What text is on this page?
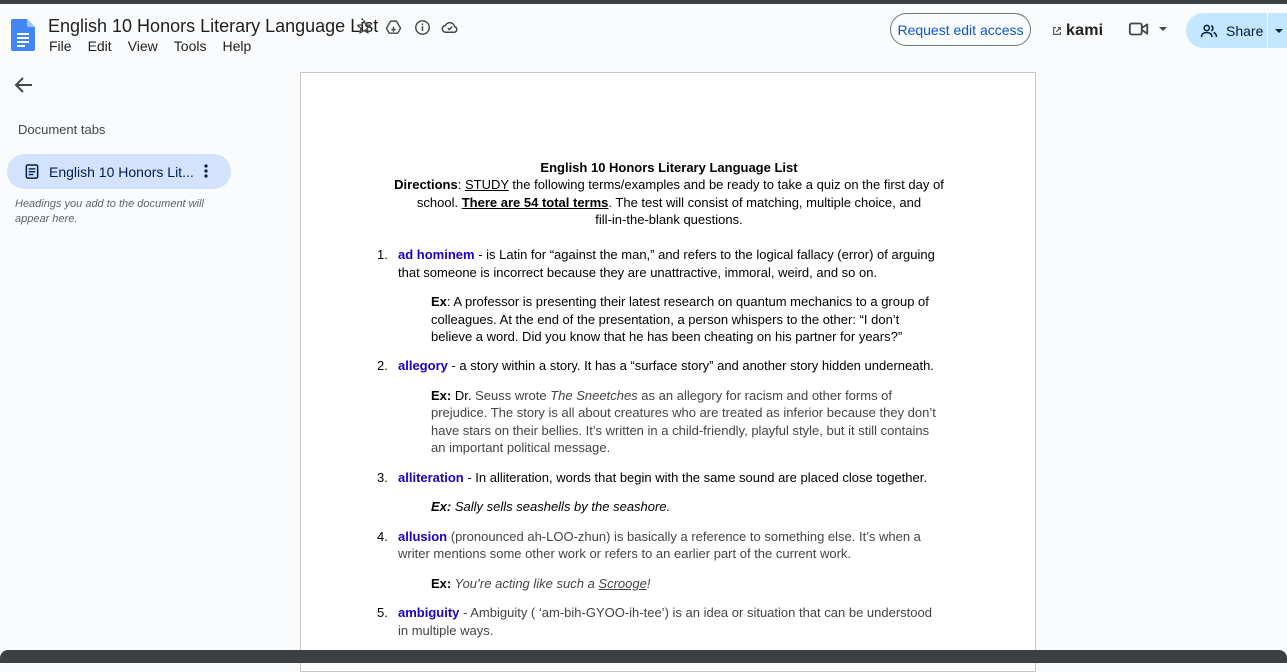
English 10 Honors Literary Language List
File Edit View Tools Help
Request edit access	kami	Share
Document tabs
English 10 Honors Lit...
Headings you add to the document will appear here.
English 10 Honors Literary Language List
Directions: STUDY the following terms/examples and be ready to take a quiz on the first day of
school. There are 54 total terms. The test will consist of matching, multiple choice, and
fill-in-the-blank questions.
1. ad hominem - is Latin for “against the man,” and refers to the logical fallacy (error) of arguing
that someone is incorrect because they are unattractive, immoral, weird, and so on.
Ex: A professor is presenting their latest research on quantum mechanics to a group of
colleagues. At the end of the presentation, a person whispers to the other: “I don’t
believe a word. Did you know that he has been cheating on his partner for years?”
2. allegory - a story within a story. It has a “surface story” and another story hidden underneath.
Ex: Dr. Seuss wrote The Sneetches as an allegory for racism and other forms of
prejudice. The story is all about creatures who are treated as inferior because they don’t
have stars on their bellies. It’s written in a child-friendly, playful style, but it still contains
an important political message.
3. alliteration - In alliteration, words that begin with the same sound are placed close together.
Ex: Sally sells seashells by the seashore.
4. allusion (pronounced ah-LOO-zhun) is basically a reference to something else. It’s when a
writer mentions some other work or refers to an earlier part of the current work.
Ex: You’re acting like such a Scrooge!
5. ambiguity - Ambiguity ( ‘am-bih-GYOO-ih-tee’) is an idea or situation that can be understood
in multiple ways.
